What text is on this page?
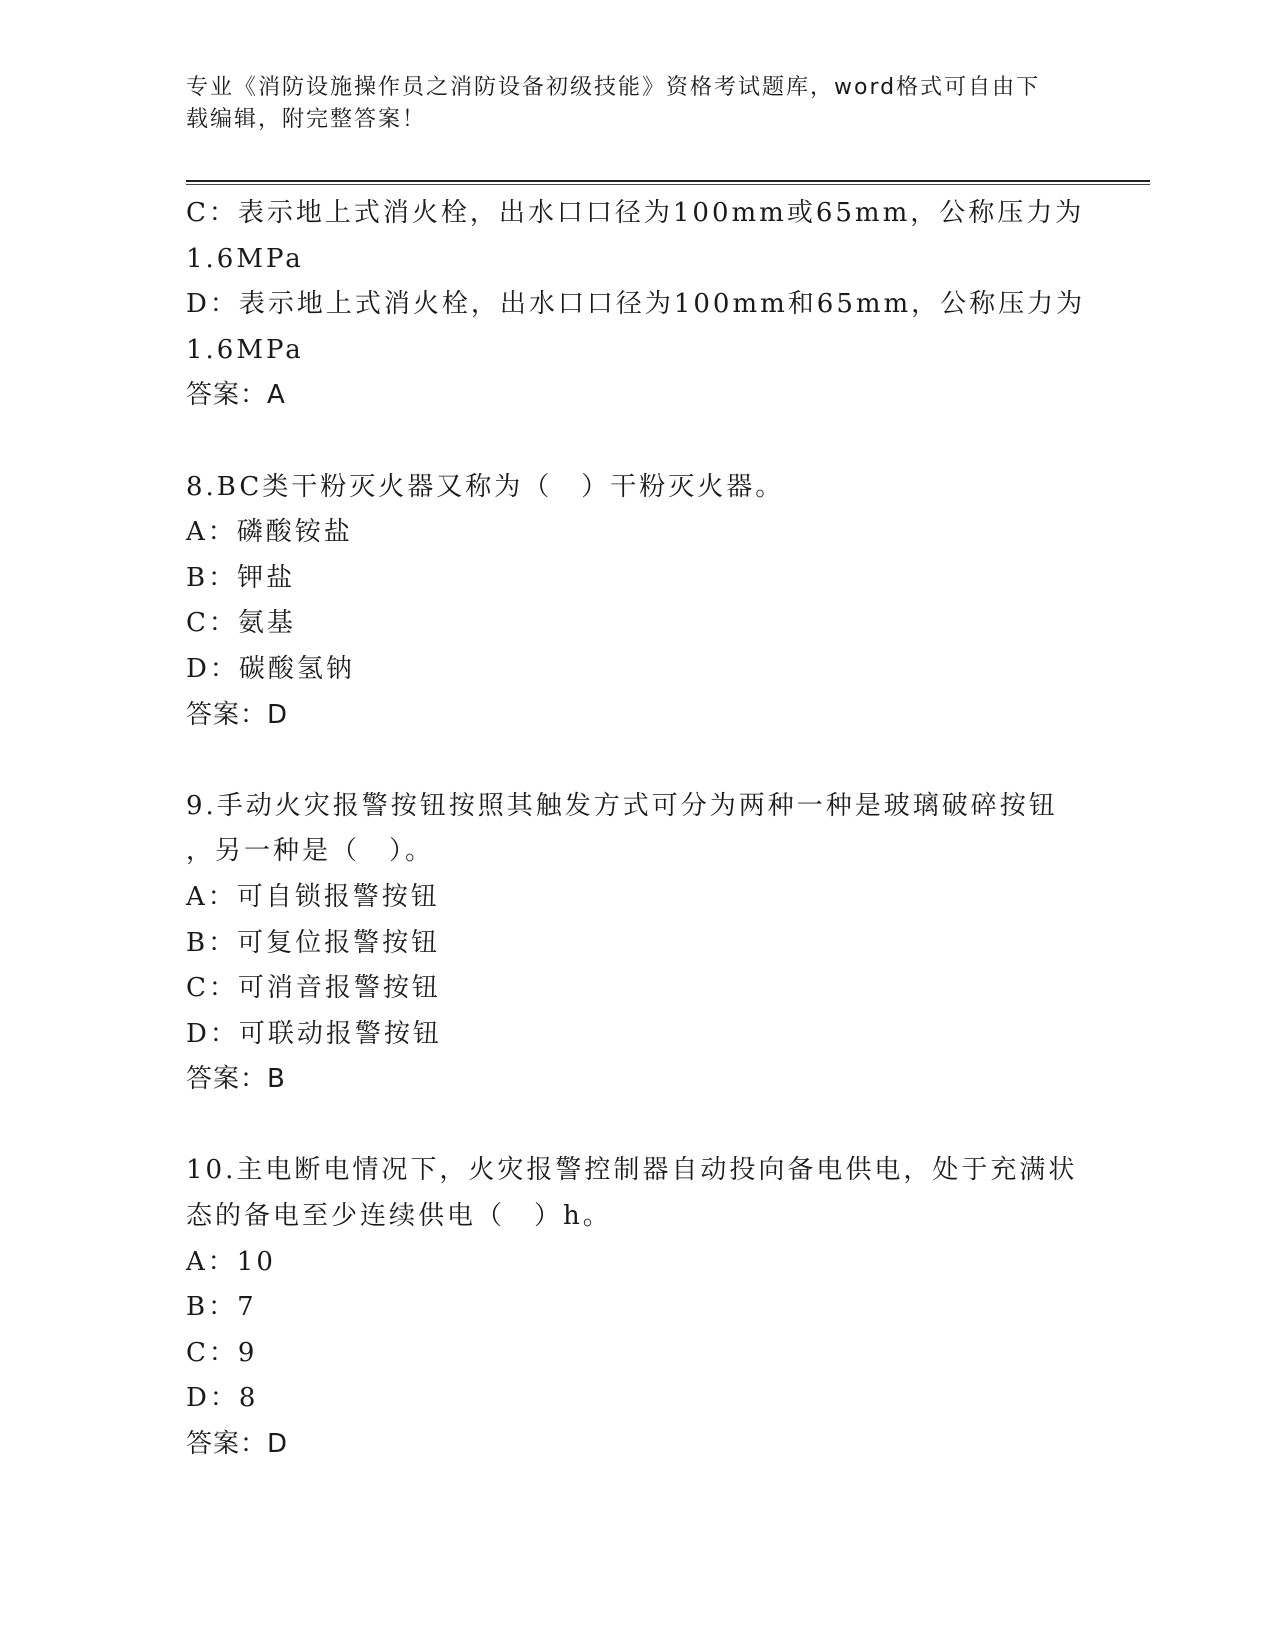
专业《消防设施操作员之消防设备初级技能》资格考试题库，word格式可自由下
载编辑，附完整答案！
C：表示地上式消火栓，出水口口径为100mm或65mm，公称压力为
1.6MPa
D：表示地上式消火栓，出水口口径为100mm和65mm，公称压力为
1.6MPa
答案：A
8.BC类干粉灭火器又称为（　）干粉灭火器。
A：磷酸铵盐
B：钾盐
C：氨基
D：碳酸氢钠
答案：D
9.手动火灾报警按钮按照其触发方式可分为两种一种是玻璃破碎按钮
，另一种是（　）。
A：可自锁报警按钮
B：可复位报警按钮
C：可消音报警按钮
D：可联动报警按钮
答案：B
10.主电断电情况下，火灾报警控制器自动投向备电供电，处于充满状
态的备电至少连续供电（　）h。
A：10
B：7
C：9
D：8
答案：D
